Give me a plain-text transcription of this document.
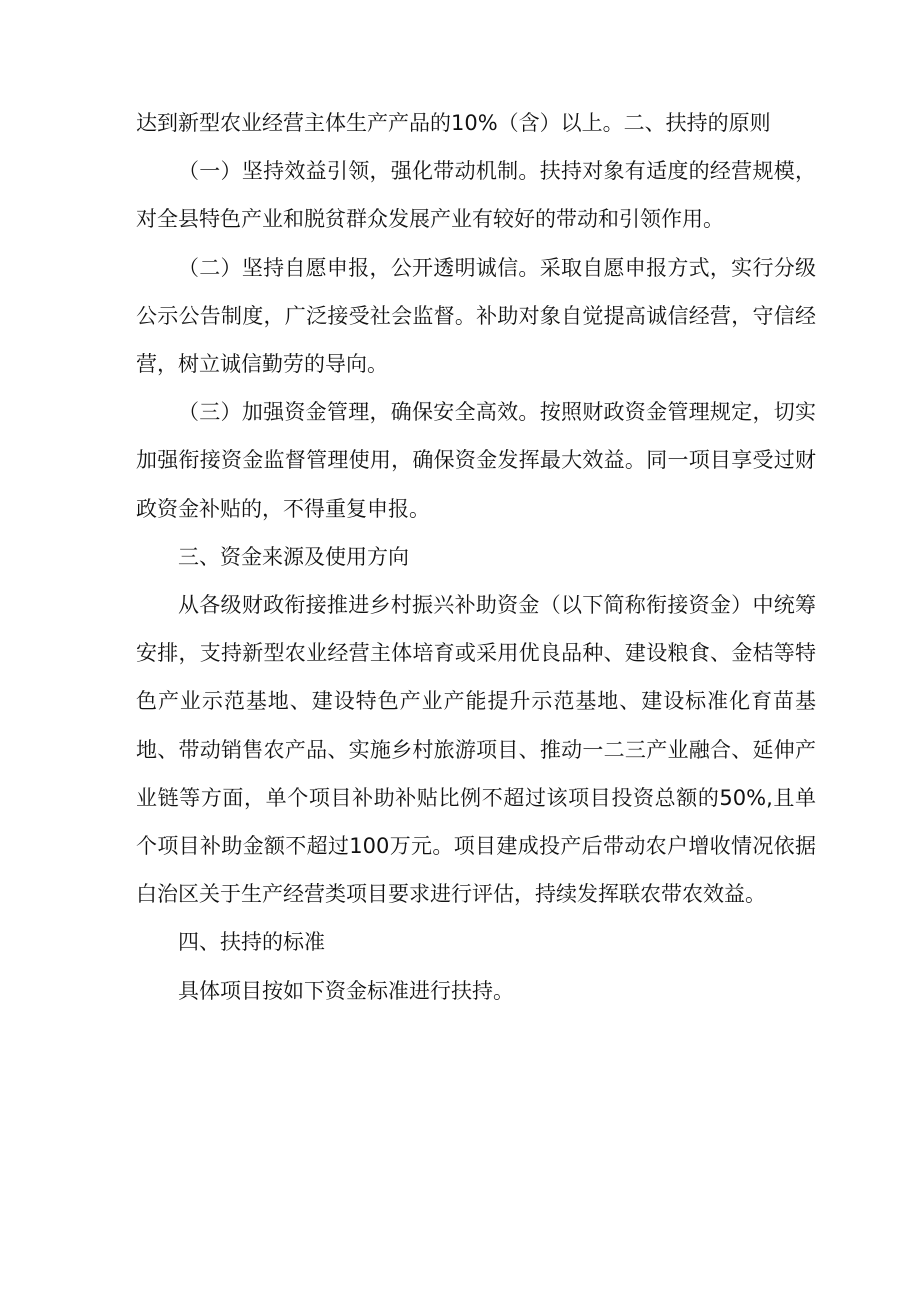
达到新型农业经营主体生产产品的10%（含）以上。二、扶持的原则

（一）坚持效益引领，强化带动机制。扶持对象有适度的经营规模，对全县特色产业和脱贫群众发展产业有较好的带动和引领作用。

（二）坚持自愿申报，公开透明诚信。采取自愿申报方式，实行分级公示公告制度，广泛接受社会监督。补助对象自觉提高诚信经营，守信经营，树立诚信勤劳的导向。

（三）加强资金管理，确保安全高效。按照财政资金管理规定，切实加强衔接资金监督管理使用，确保资金发挥最大效益。同一项目享受过财政资金补贴的，不得重复申报。

三、资金来源及使用方向

从各级财政衔接推进乡村振兴补助资金（以下简称衔接资金）中统筹安排，支持新型农业经营主体培育或采用优良品种、建设粮食、金桔等特色产业示范基地、建设特色产业产能提升示范基地、建设标准化育苗基地、带动销售农产品、实施乡村旅游项目、推动一二三产业融合、延伸产业链等方面，单个项目补助补贴比例不超过该项目投资总额的50%,且单个项目补助金额不超过100万元。项目建成投产后带动农户增收情况依据白治区关于生产经营类项目要求进行评估，持续发挥联农带农效益。

四、扶持的标准

具体项目按如下资金标准进行扶持。
